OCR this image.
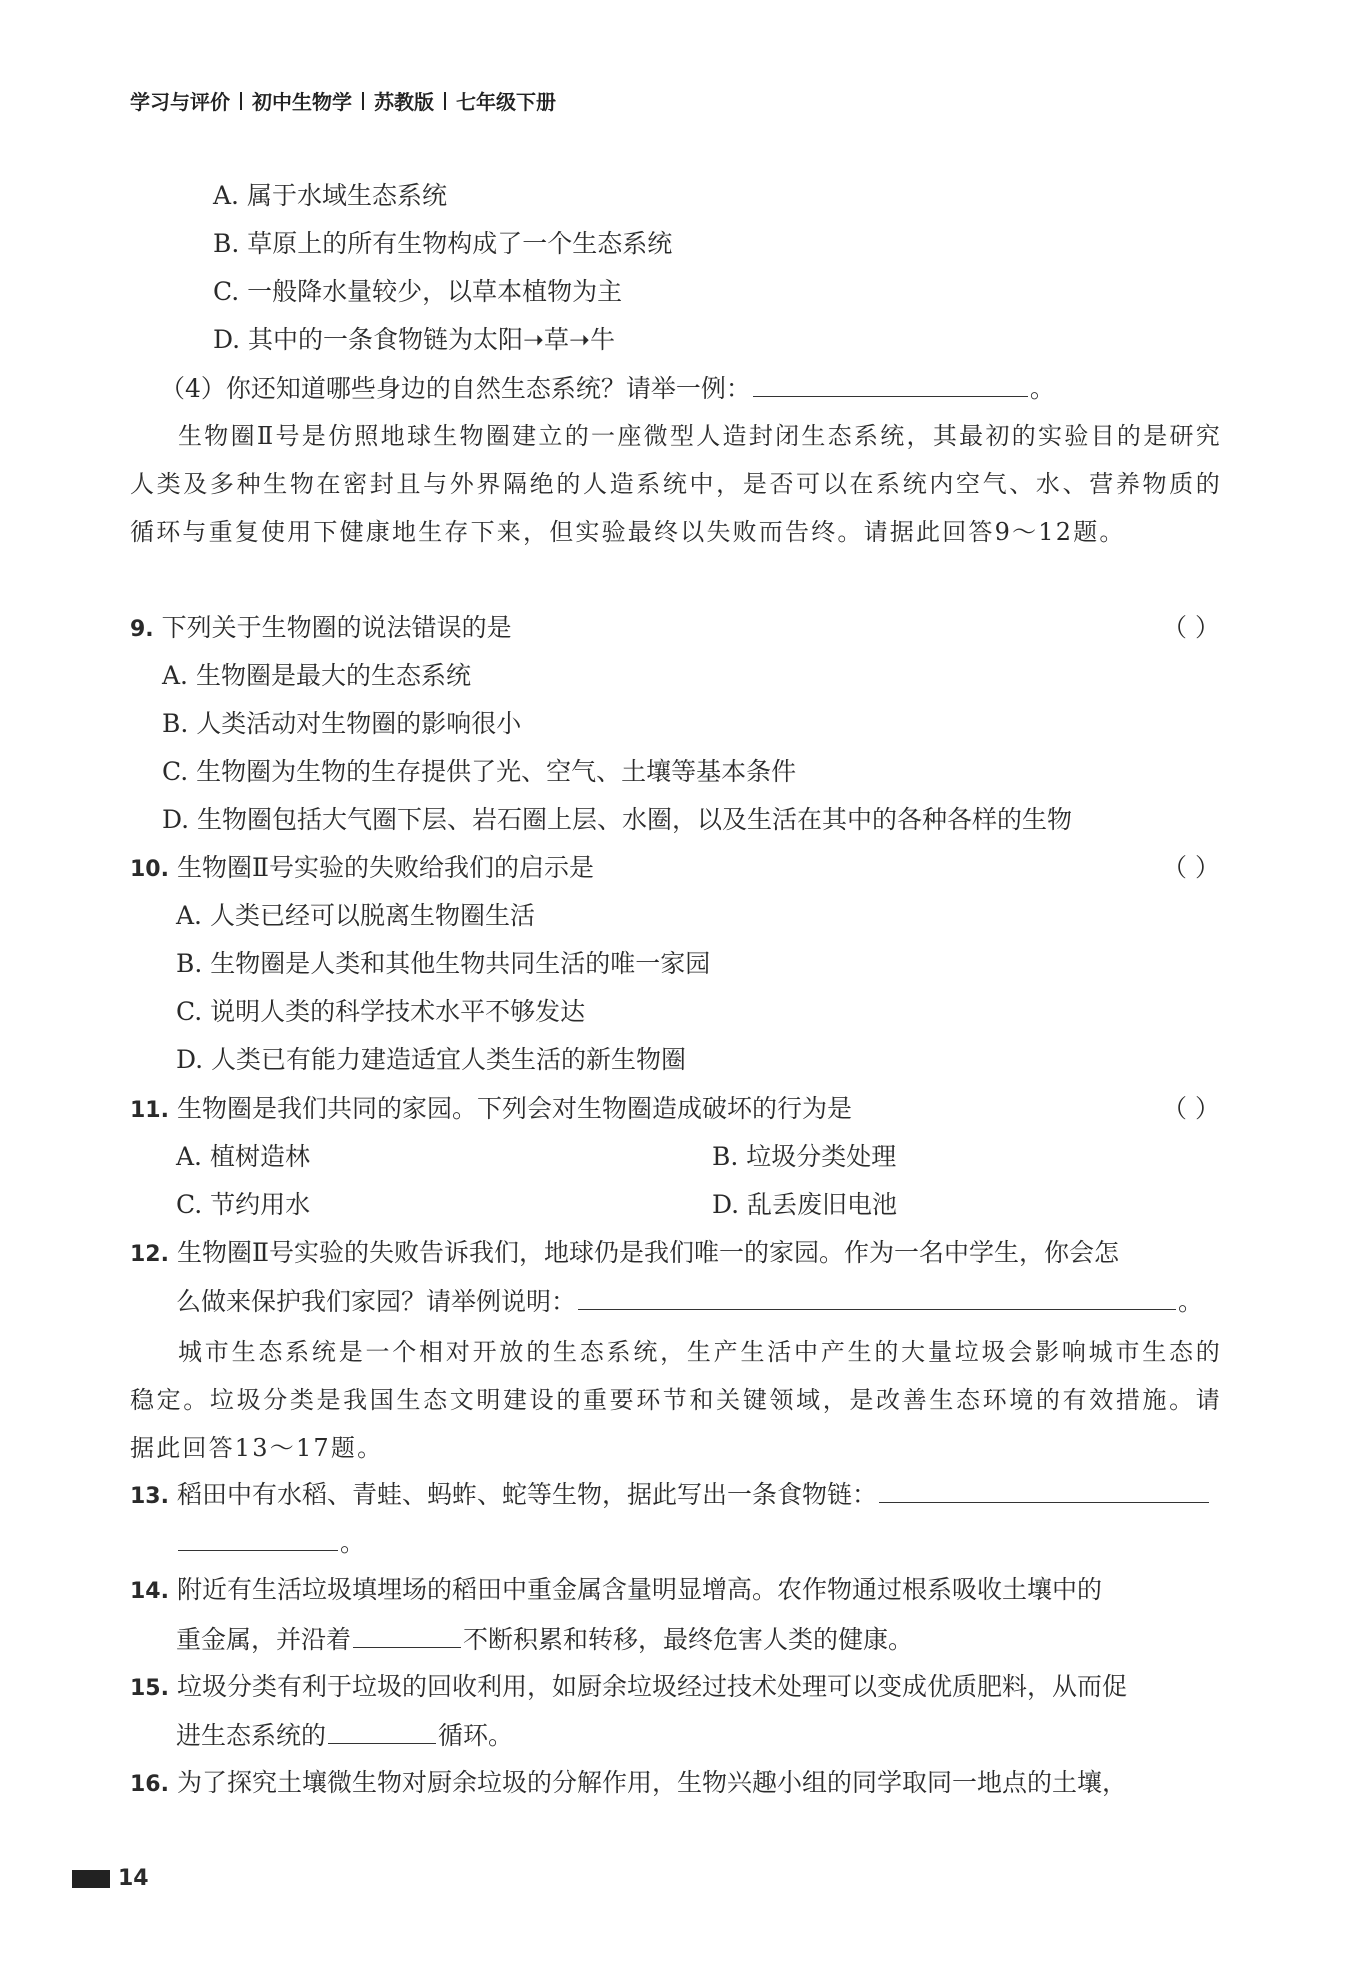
学习与评价 初中生物学 苏教版 七年级下册
A. 属于水域生态系统
B. 草原上的所有生物构成了一个生态系统
C. 一般降水量较少，以草本植物为主
D. 其中的一条食物链为太阳➝草➝牛
（4）你还知道哪些身边的自然生态系统？请举一例：	。
生物圈Ⅱ号是仿照地球生物圈建立的一座微型人造封闭生态系统，其最初的实验目的是研究人类及多种生物在密封且与外界隔绝的人造系统中，是否可以在系统内空气、水、营养物质的循环与重复使用下健康地生存下来，但实验最终以失败而告终。请据此回答9～12题。
9. 下列关于生物圈的说法错误的是	（ ）
A. 生物圈是最大的生态系统
B. 人类活动对生物圈的影响很小
C. 生物圈为生物的生存提供了光、空气、土壤等基本条件
D. 生物圈包括大气圈下层、岩石圈上层、水圈，以及生活在其中的各种各样的生物
10. 生物圈Ⅱ号实验的失败给我们的启示是	（ ）
A. 人类已经可以脱离生物圈生活
B. 生物圈是人类和其他生物共同生活的唯一家园
C. 说明人类的科学技术水平不够发达
D. 人类已有能力建造适宜人类生活的新生物圈
11. 生物圈是我们共同的家园。下列会对生物圈造成破坏的行为是	（ ）
A. 植树造林	B. 垃圾分类处理
C. 节约用水	D. 乱丢废旧电池
12. 生物圈Ⅱ号实验的失败告诉我们，地球仍是我们唯一的家园。作为一名中学生，你会怎
么做来保护我们家园？请举例说明：	。
城市生态系统是一个相对开放的生态系统，生产生活中产生的大量垃圾会影响城市生态的稳定。垃圾分类是我国生态文明建设的重要环节和关键领域，是改善生态环境的有效措施。请据此回答13～17题。
13. 稻田中有水稻、青蛙、蚂蚱、蛇等生物，据此写出一条食物链：
。
14. 附近有生活垃圾填埋场的稻田中重金属含量明显增高。农作物通过根系吸收土壤中的
重金属，并沿着	不断积累和转移，最终危害人类的健康。
15. 垃圾分类有利于垃圾的回收利用，如厨余垃圾经过技术处理可以变成优质肥料，从而促
进生态系统的	循环。
16. 为了探究土壤微生物对厨余垃圾的分解作用，生物兴趣小组的同学取同一地点的土壤，
14
